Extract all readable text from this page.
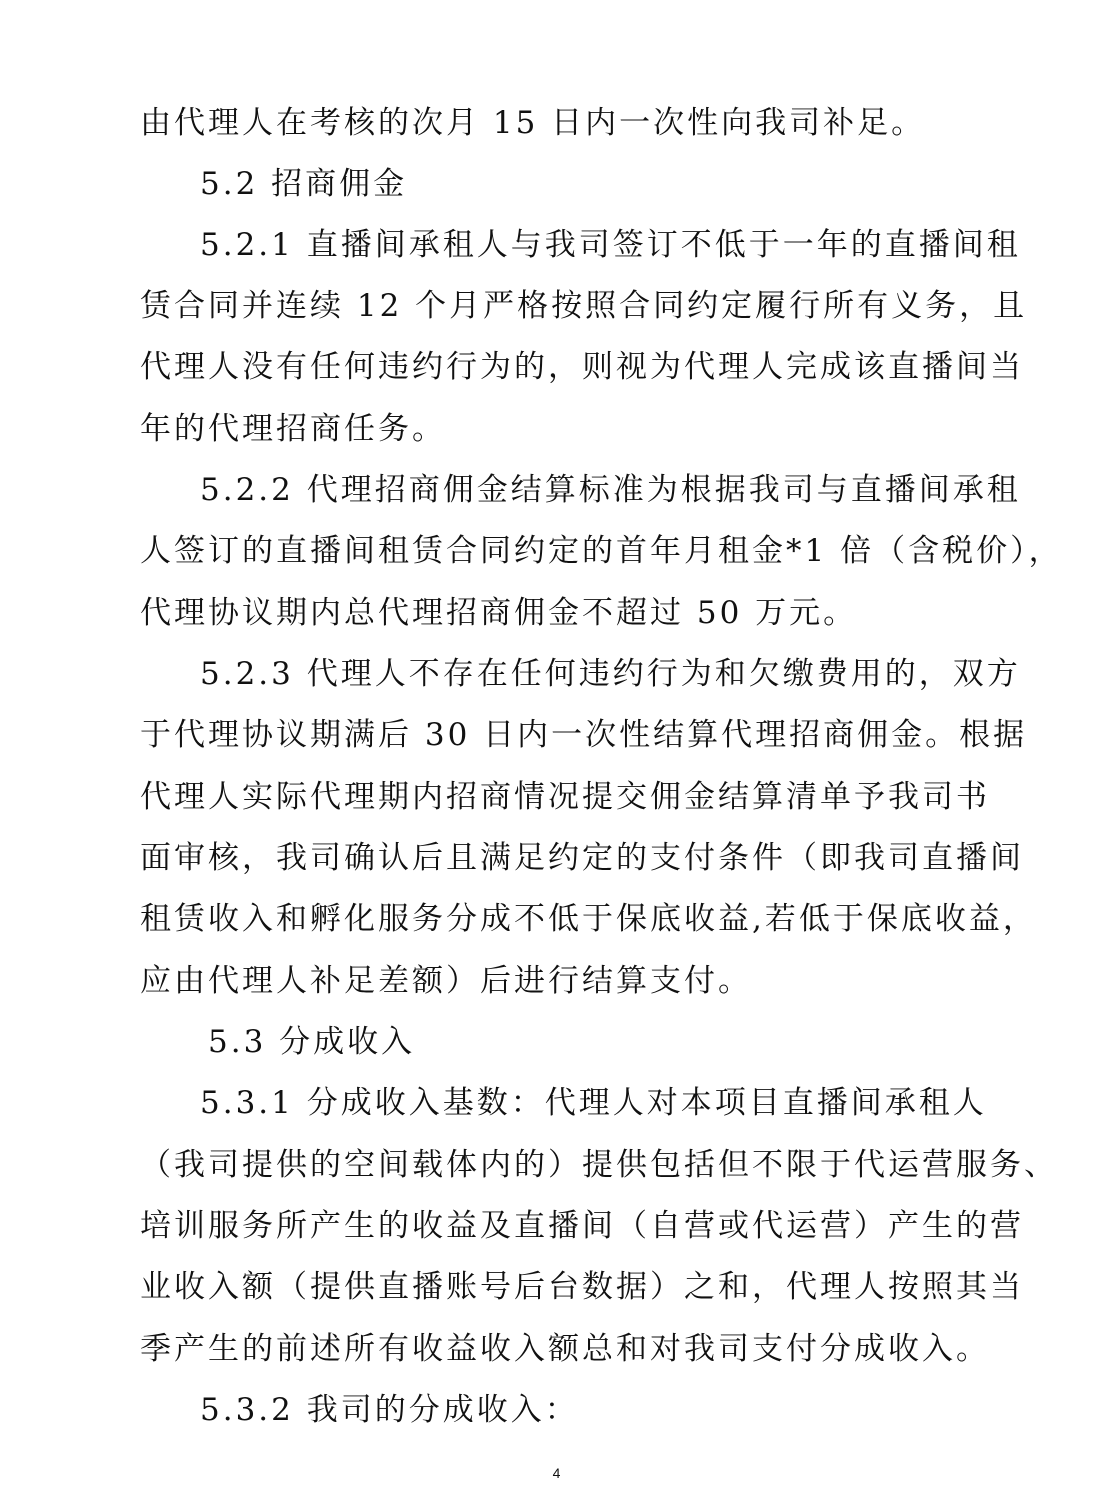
由代理人在考核的次月 15 日内一次性向我司补足。
5.2 招商佣金
5.2.1 直播间承租人与我司签订不低于一年的直播间租
赁合同并连续 12 个月严格按照合同约定履行所有义务，且
代理人没有任何违约行为的，则视为代理人完成该直播间当
年的代理招商任务。
5.2.2 代理招商佣金结算标准为根据我司与直播间承租
人签订的直播间租赁合同约定的首年月租金*1 倍（含税价），
代理协议期内总代理招商佣金不超过 50 万元。
5.2.3 代理人不存在任何违约行为和欠缴费用的，双方
于代理协议期满后 30 日内一次性结算代理招商佣金。根据
代理人实际代理期内招商情况提交佣金结算清单予我司书
面审核，我司确认后且满足约定的支付条件（即我司直播间
租赁收入和孵化服务分成不低于保底收益,若低于保底收益，
应由代理人补足差额）后进行结算支付。
5.3 分成收入
5.3.1 分成收入基数：代理人对本项目直播间承租人
（我司提供的空间载体内的）提供包括但不限于代运营服务、
培训服务所产生的收益及直播间（自营或代运营）产生的营
业收入额（提供直播账号后台数据）之和，代理人按照其当
季产生的前述所有收益收入额总和对我司支付分成收入。
5.3.2 我司的分成收入：
4
